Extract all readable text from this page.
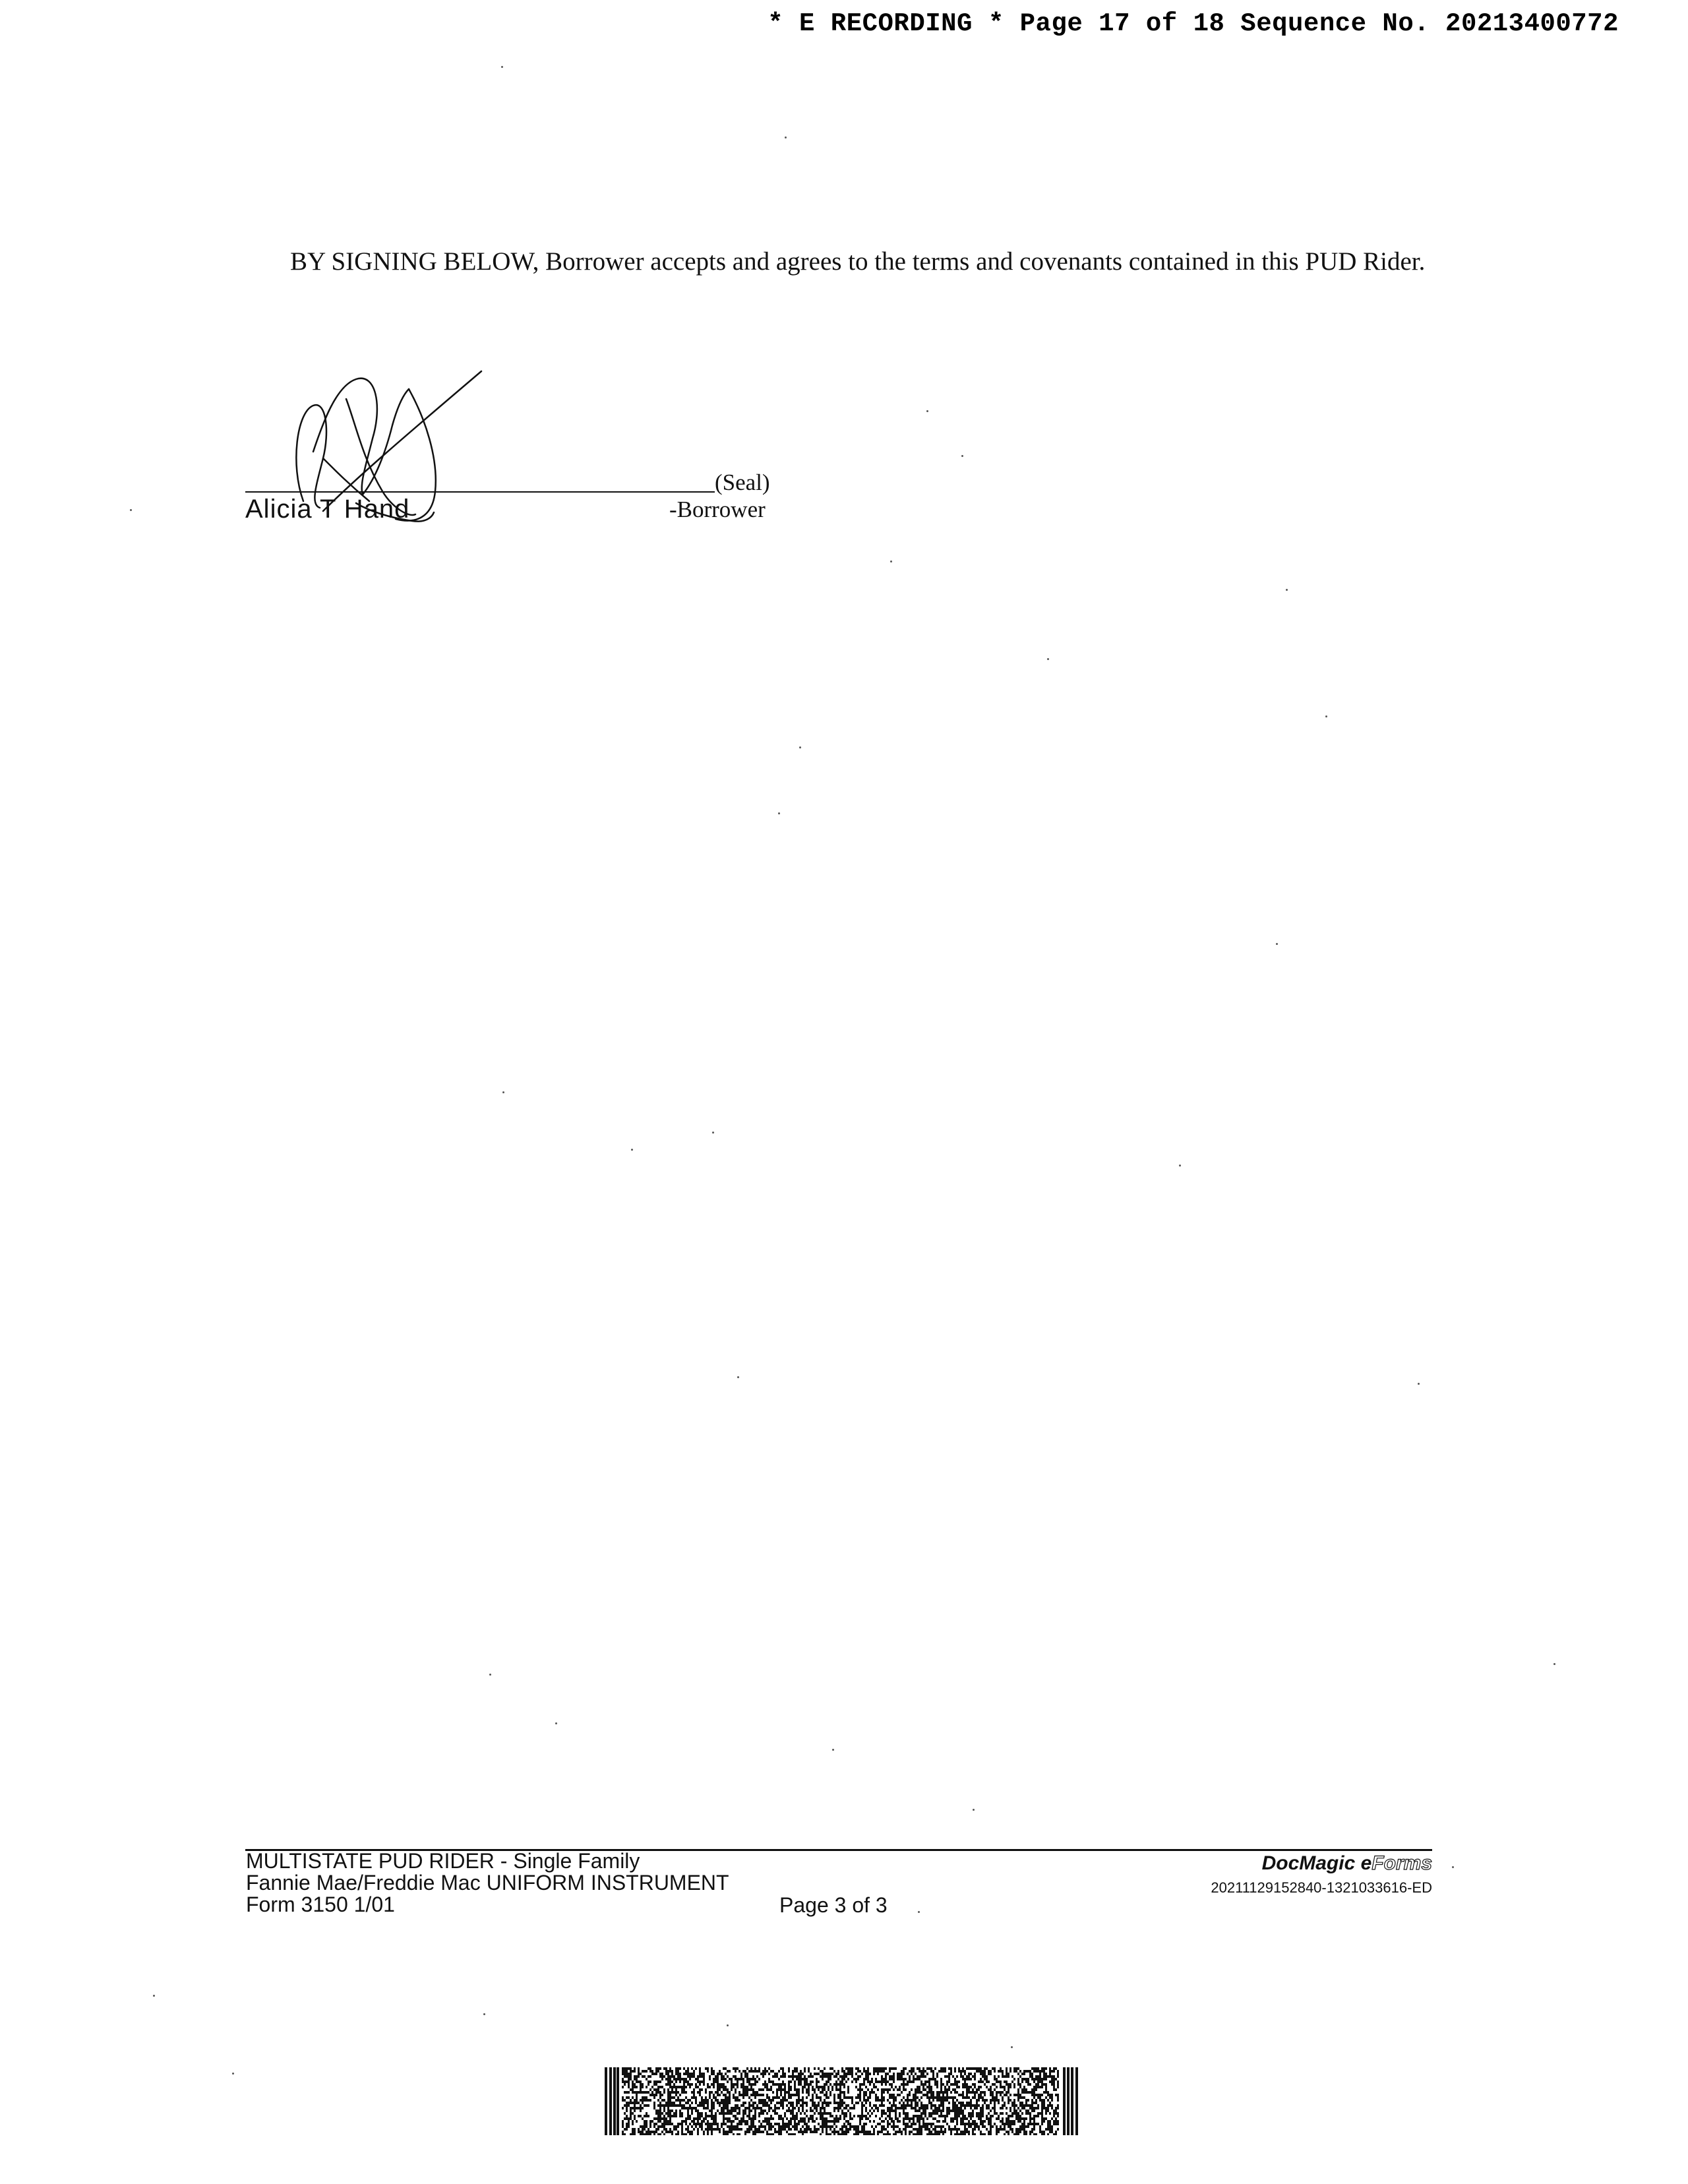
* E RECORDING * Page 17 of 18 Sequence No. 20213400772
BY SIGNING BELOW, Borrower accepts and agrees to the terms and covenants contained in this PUD Rider.
(Seal)
Alicia T Hand	-Borrower
MULTISTATE PUD RIDER - Single Family
Fannie Mae/Freddie Mac UNIFORM INSTRUMENT
Form 3150 1/01	Page 3 of 3
DocMagic eForms
20211129152840-1321033616-ED
